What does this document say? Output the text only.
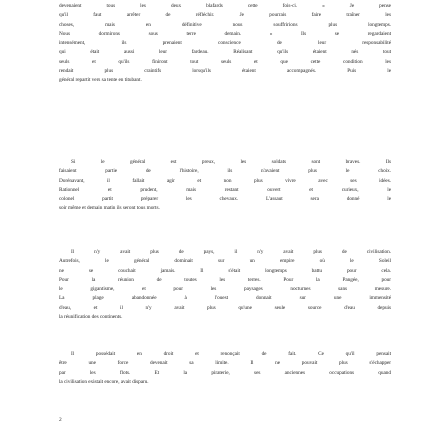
devenaient tous les deux blafards cette fois-ci. « Je pense
qu'il faut arrêter de réfléchir. Je pourrais faire traîner les
choses, mais en définitive nous souffririons plus longtemps.
Nous dormirons sous terre demain. » Ils se regardaient
intensément, ils prenaient conscience de leur responsabilité
qui était aussi leur fardeau. Réalisant qu'ils étaient nés tout
seuls et qu'ils finiront tout seuls et que cette condition les
rendait plus craintifs lorsqu'ils étaient accompagnés. Puis le
général repartit vers sa tente en titubant.

Si le général est preux, les soldats sont braves. Ils
faisaient partie de l'histoire, ils n'avaient plus le choix.
Dorénavant, il fallait agir et non plus vivre avec ses idées.
Rationnel et prudent, mais restant ouvert et curieux, le
colonel partit préparer les chevaux. L'assaut sera donné le
soir même et demain matin ils seront tous morts.

Il n'y avait plus de pays, il n'y avait plus de civilisation.
Autrefois, le général dominait sur un empire où le Soleil
ne se couchait jamais. Il s'était longtemps battu pour cela.
Pour la réunion de toutes les terres. Pour la Pangée, pour
le gigantisme, et pour les paysages nocturnes sans mesure.
La plage abandonnée à l'ouest donnait sur une immensité
d'eau, et il n'y avait plus qu'une seule source d'eau depuis
la réunification des continents.

Il possédait en droit et renonçait de fait. Ce qu'il pensait
être une force devenait sa limite. Il ne pouvait plus s'échapper
par les flots. Et la piraterie, ses anciennes occupations quand
la civilisation existait encore, avait disparu.

2
